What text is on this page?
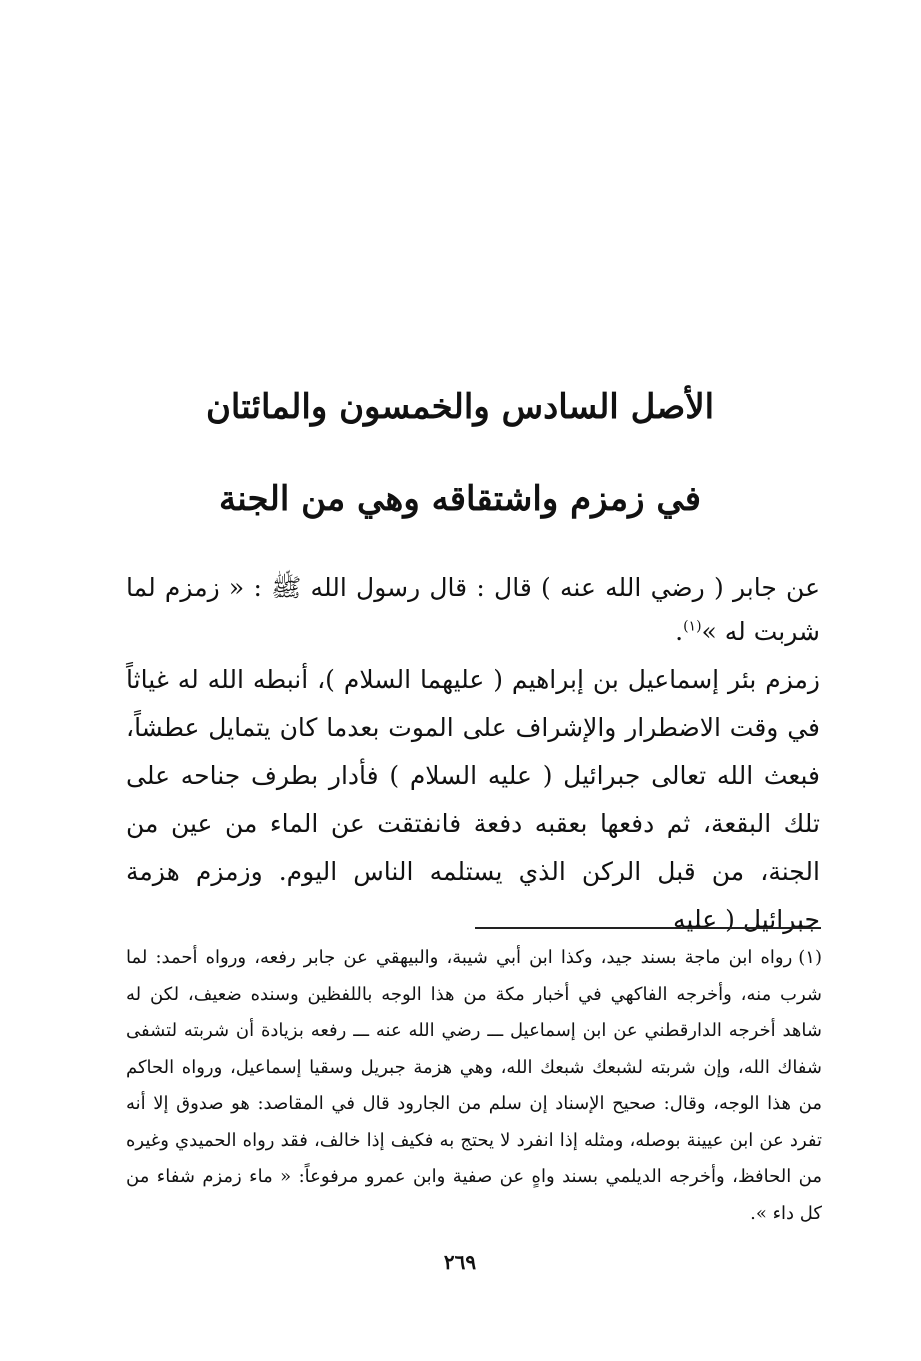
الأصل السادس والخمسون والمائتان
في زمزم واشتقاقه وهي من الجنة

عن جابر ( رضي الله عنه ) قال : قال رسول الله ﷺ : « زمزم لما شربت له »$^{(١)}$.

زمزم بئر إسماعيل بن إبراهيم ( عليهما السلام )، أنبطه الله له غياثاً في وقت الاضطرار والإشراف على الموت بعدما كان يتمايل عطشاً، فبعث الله تعالى جبرائيل ( عليه السلام ) فأدار بطرف جناحه على تلك البقعة، ثم دفعها بعقبه دفعة فانفتقت عن الماء من عين من الجنة، من قبل الركن الذي يستلمه الناس اليوم. وزمزم هزمة جبرائيل ( عليه

(١)رواه ابن ماجة بسند جيد، وكذا ابن أبي شيبة، والبيهقي عن جابر رفعه، ورواه أحمد: لما شرب منه، وأخرجه الفاكهي في أخبار مكة من هذا الوجه باللفظين وسنده ضعيف، لكن له شاهد أخرجه الدارقطني عن ابن إسماعيل ـــ رضي الله عنه ـــ رفعه بزيادة أن شربته لتشفى شفاك الله، وإن شربته لشبعك شبعك الله، وهي هزمة جبريل وسقيا إسماعيل، ورواه الحاكم من هذا الوجه، وقال: صحيح الإسناد إن سلم من الجارود قال في المقاصد: هو صدوق إلا أنه تفرد عن ابن عيينة بوصله، ومثله إذا انفرد لا يحتج به فكيف إذا خالف، فقد رواه الحميدي وغيره من الحافظ، وأخرجه الديلمي بسند واهٍ عن صفية وابن عمرو مرفوعاً: « ماء زمزم شفاء من كل داء ».

٢٦٩
